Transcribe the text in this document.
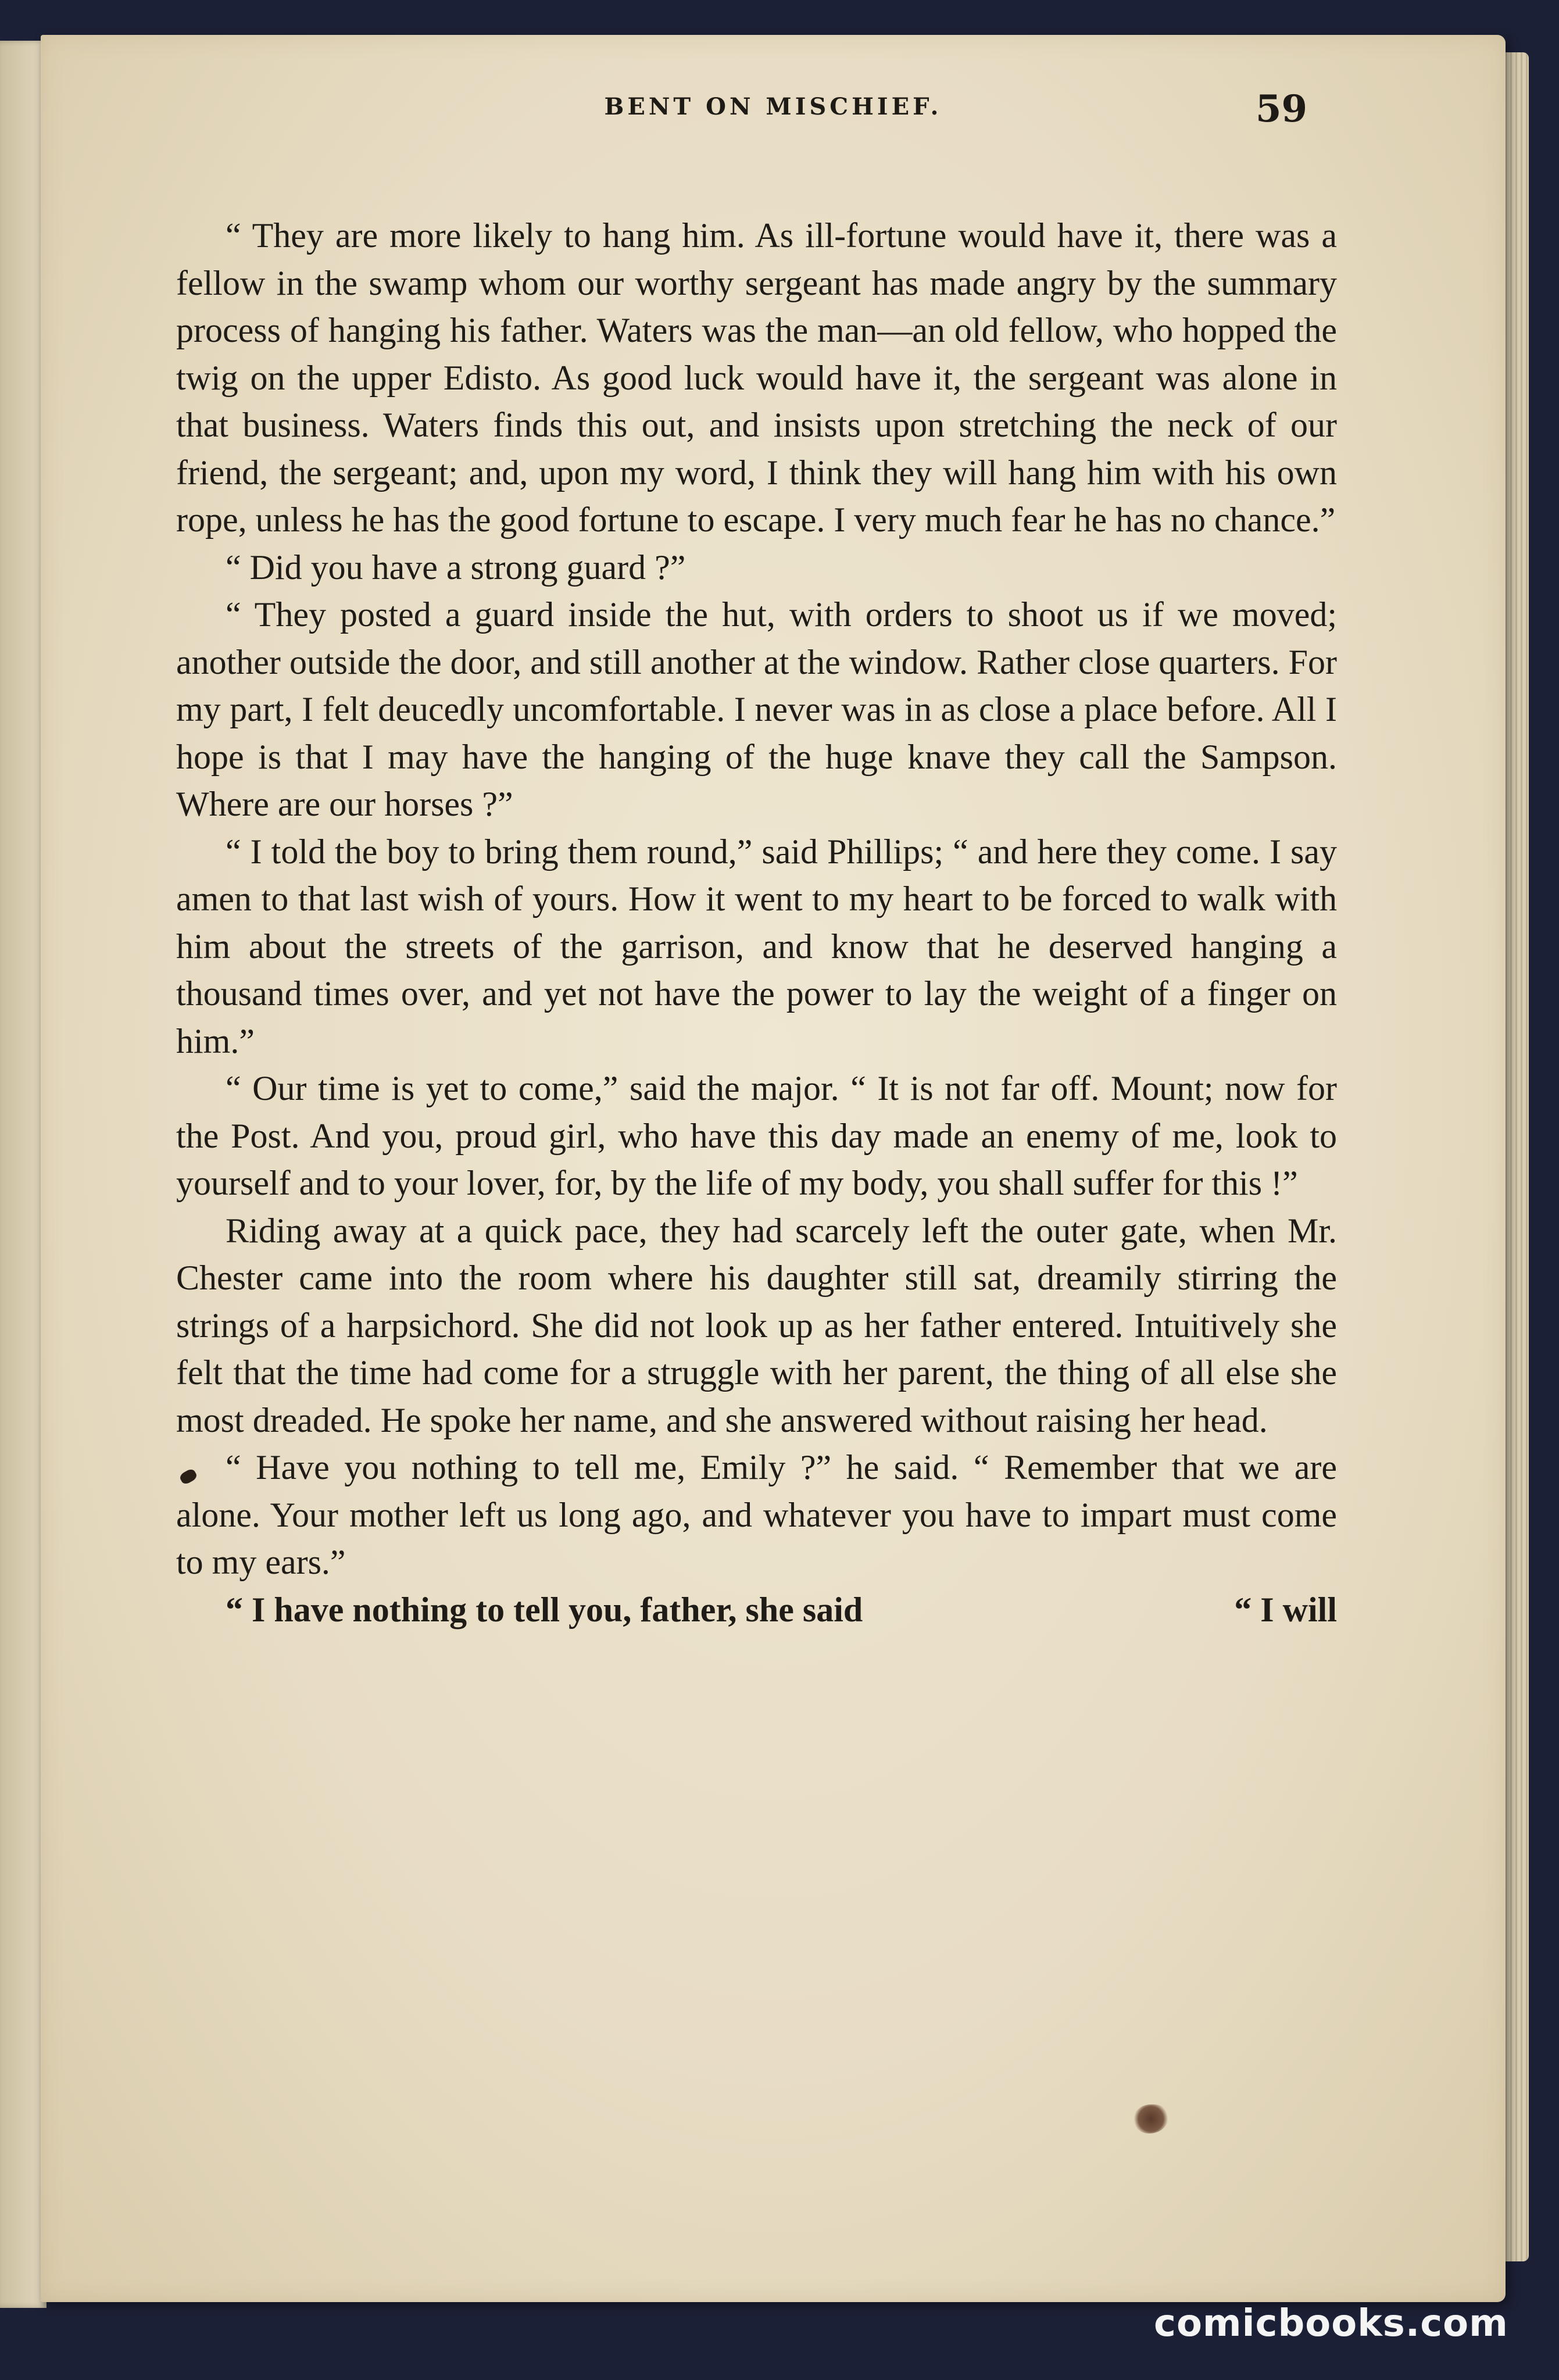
BENT ON MISCHIEF.	59

“ They are more likely to hang him. As ill-fortune would have it, there was a fellow in the swamp whom our worthy sergeant has made angry by the summary process of hanging his father. Waters was the man—an old fellow, who hopped the twig on the upper Edisto. As good luck would have it, the sergeant was alone in that business. Waters finds this out, and insists upon stretching the neck of our friend, the sergeant; and, upon my word, I think they will hang him with his own rope, unless he has the good fortune to escape. I very much fear he has no chance.”

“ Did you have a strong guard ?”

“ They posted a guard inside the hut, with orders to shoot us if we moved; another outside the door, and still another at the window. Rather close quarters. For my part, I felt deucedly uncomfortable. I never was in as close a place before. All I hope is that I may have the hanging of the huge knave they call the Sampson. Where are our horses ?”

“ I told the boy to bring them round,” said Phillips; “ and here they come. I say amen to that last wish of yours. How it went to my heart to be forced to walk with him about the streets of the garrison, and know that he deserved hanging a thousand times over, and yet not have the power to lay the weight of a finger on him.”

“ Our time is yet to come,” said the major. “ It is not far off. Mount; now for the Post. And you, proud girl, who have this day made an enemy of me, look to yourself and to your lover, for, by the life of my body, you shall suffer for this !”

Riding away at a quick pace, they had scarcely left the outer gate, when Mr. Chester came into the room where his daughter still sat, dreamily stirring the strings of a harpsichord. She did not look up as her father entered. Intuitively she felt that the time had come for a struggle with her parent, the thing of all else she most dreaded. He spoke her name, and she answered without raising her head.

“ Have you nothing to tell me, Emily ?” he said. “ Remember that we are alone. Your mother left us long ago, and whatever you have to impart must come to my ears.”

“ I have nothing to tell you, father, she said	“ I will
comicbooks.com
